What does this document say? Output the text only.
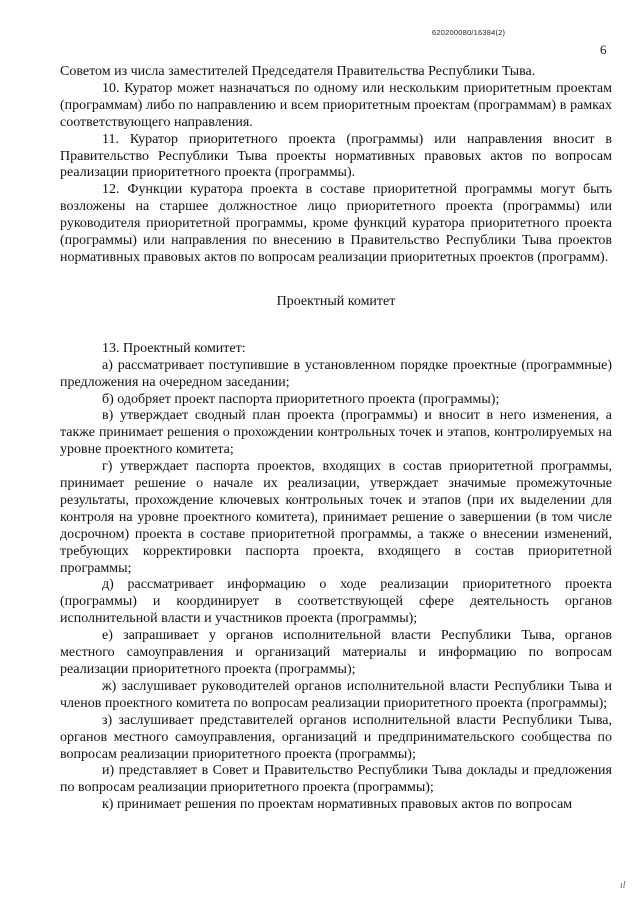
620200080/16384(2)
6

Советом из числа заместителей Председателя Правительства Республики Тыва.

10. Куратор может назначаться по одному или нескольким приоритетным проектам (программам) либо по направлению и всем приоритетным проектам (программам) в рамках соответствующего направления.

11. Куратор приоритетного проекта (программы) или направления вносит в Правительство Республики Тыва проекты нормативных правовых актов по вопросам реализации приоритетного проекта (программы).

12. Функции куратора проекта в составе приоритетной программы могут быть возложены на старшее должностное лицо приоритетного проекта (программы) или руководителя приоритетной программы, кроме функций куратора приоритетного проекта (программы) или направления по внесению в Правительство Республики Тыва проектов нормативных правовых актов по вопросам реализации приоритетных проектов (программ).

Проектный комитет

13. Проектный комитет:

а) рассматривает поступившие в установленном порядке проектные (программные) предложения на очередном заседании;

б) одобряет проект паспорта приоритетного проекта (программы);

в) утверждает сводный план проекта (программы) и вносит в него изменения, а также принимает решения о прохождении контрольных точек и этапов, контролируемых на уровне проектного комитета;

г) утверждает паспорта проектов, входящих в состав приоритетной программы, принимает решение о начале их реализации, утверждает значимые промежуточные результаты, прохождение ключевых контрольных точек и этапов (при их выделении для контроля на уровне проектного комитета), принимает решение о завершении (в том числе досрочном) проекта в составе приоритетной программы, а также о внесении изменений, требующих корректировки паспорта проекта, входящего в состав приоритетной программы;

д) рассматривает информацию о ходе реализации приоритетного проекта (программы) и координирует в соответствующей сфере деятельность органов исполнительной власти и участников проекта (программы);

е) запрашивает у органов исполнительной власти Республики Тыва, органов местного самоуправления и организаций материалы и информацию по вопросам реализации приоритетного проекта (программы);

ж) заслушивает руководителей органов исполнительной власти Республики Тыва и членов проектного комитета по вопросам реализации приоритетного проекта (программы);

з) заслушивает представителей органов исполнительной власти Республики Тыва, органов местного самоуправления, организаций и предпринимательского сообщества по вопросам реализации приоритетного проекта (программы);

и) представляет в Совет и Правительство Республики Тыва доклады и предложения по вопросам реализации приоритетного проекта (программы);

к) принимает решения по проектам нормативных правовых актов по вопросам

ıl
